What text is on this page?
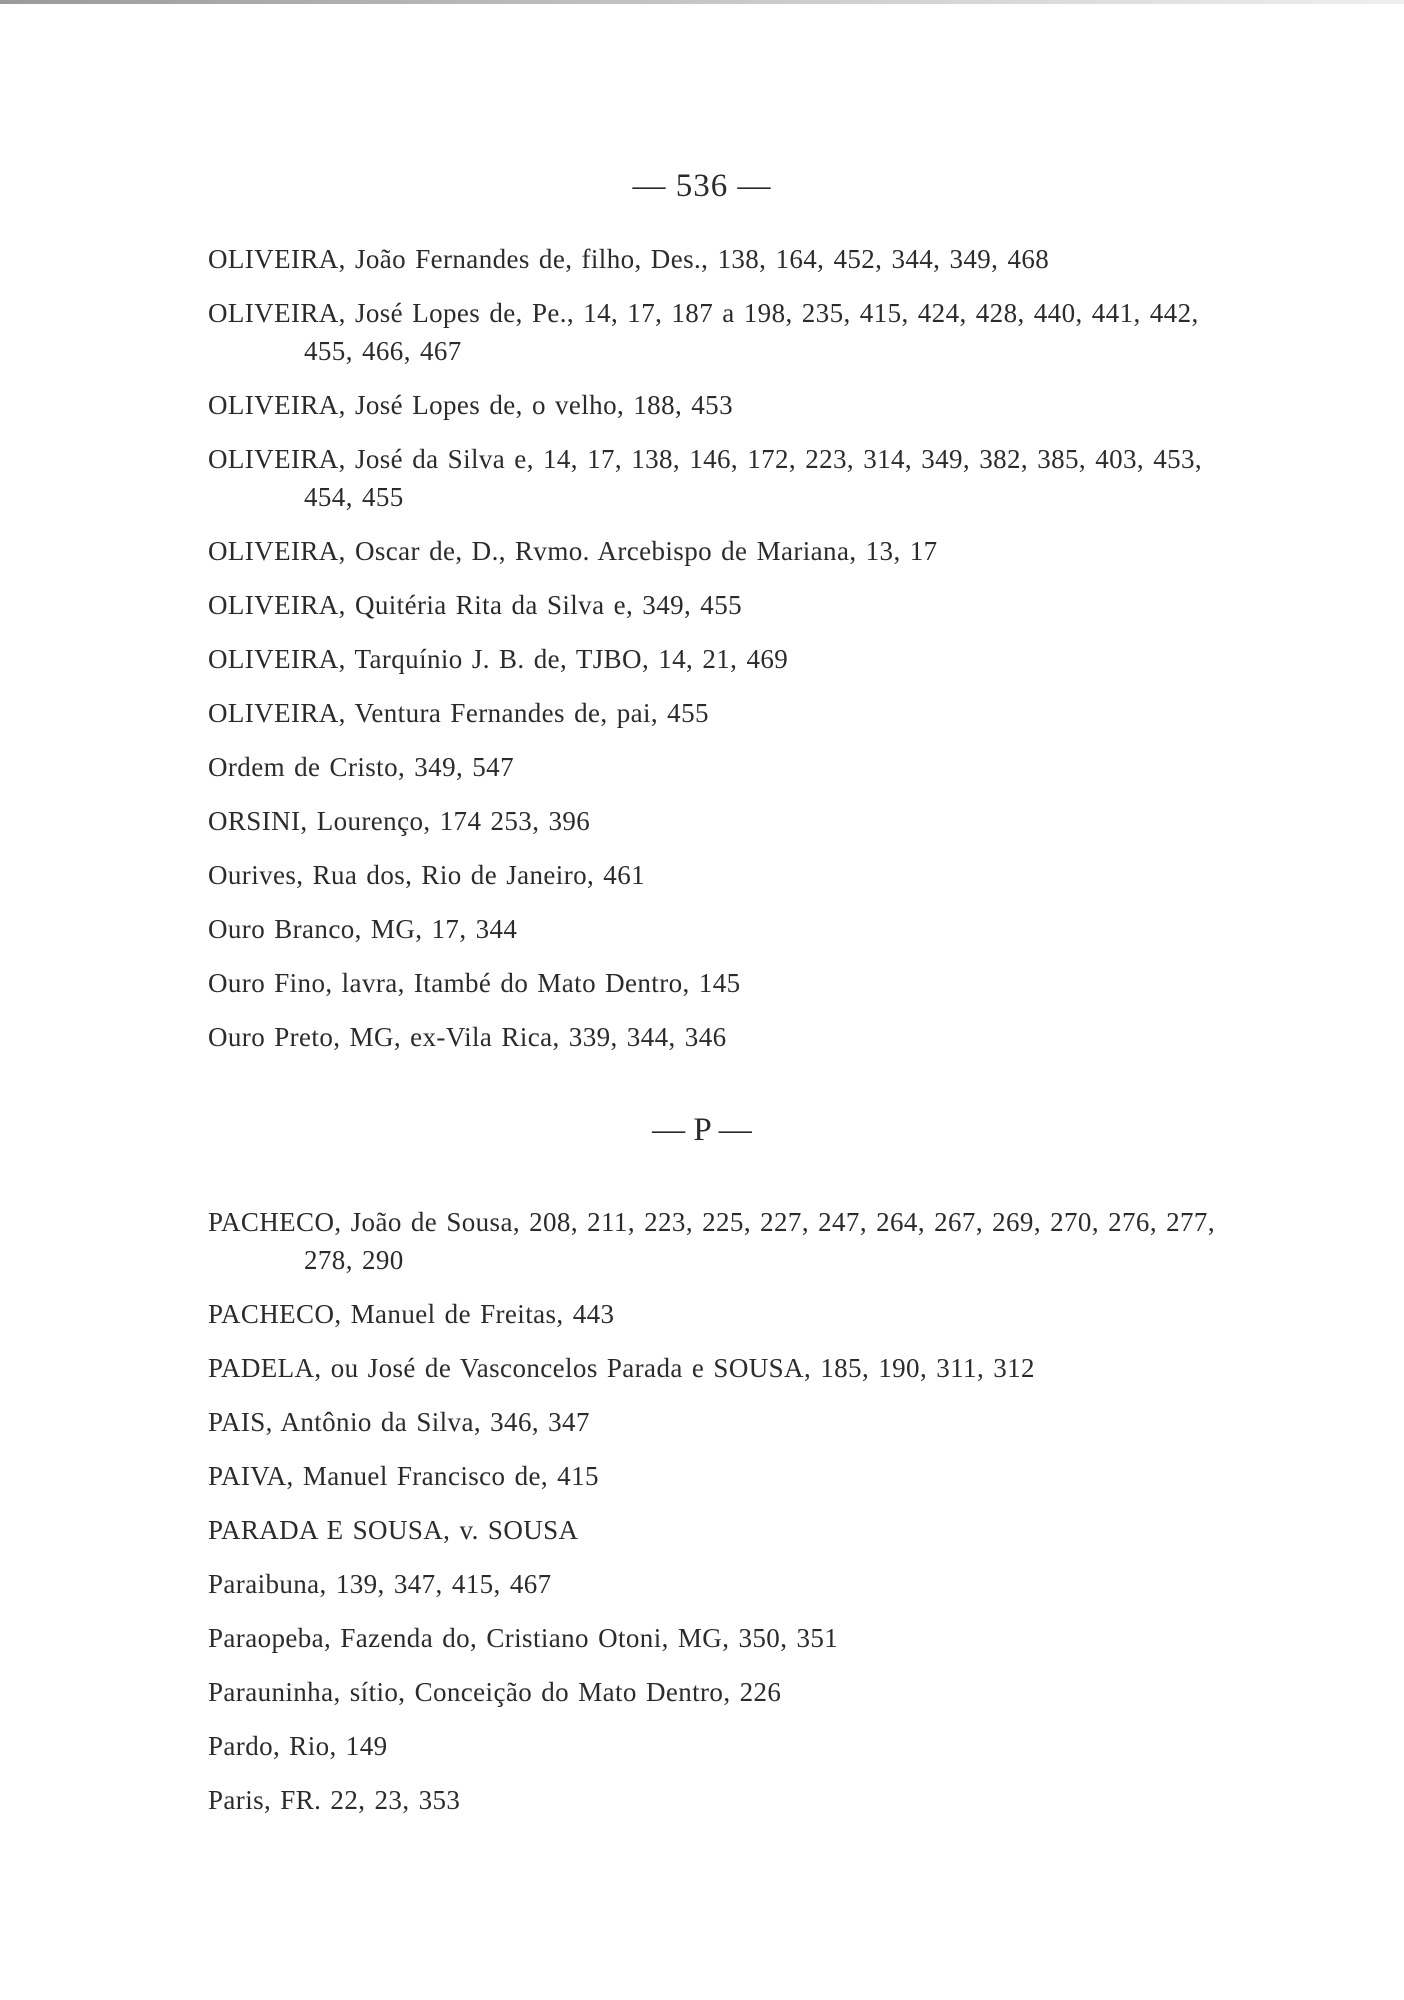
— 536 —

OLIVEIRA, João Fernandes de, filho, Des., 138, 164, 452, 344, 349, 468

OLIVEIRA, José Lopes de, Pe., 14, 17, 187 a 198, 235, 415, 424, 428, 440, 441, 442, 455, 466, 467

OLIVEIRA, José Lopes de, o velho, 188, 453

OLIVEIRA, José da Silva e, 14, 17, 138, 146, 172, 223, 314, 349, 382, 385, 403, 453, 454, 455

OLIVEIRA, Oscar de, D., Rvmo. Arcebispo de Mariana, 13, 17

OLIVEIRA, Quitéria Rita da Silva e, 349, 455

OLIVEIRA, Tarquínio J. B. de, TJBO, 14, 21, 469

OLIVEIRA, Ventura Fernandes de, pai, 455

Ordem de Cristo, 349, 547

ORSINI, Lourenço, 174 253, 396

Ourives, Rua dos, Rio de Janeiro, 461

Ouro Branco, MG, 17, 344

Ouro Fino, lavra, Itambé do Mato Dentro, 145

Ouro Preto, MG, ex-Vila Rica, 339, 344, 346

— P —

PACHECO, João de Sousa, 208, 211, 223, 225, 227, 247, 264, 267, 269, 270, 276, 277, 278, 290

PACHECO, Manuel de Freitas, 443

PADELA, ou José de Vasconcelos Parada e SOUSA, 185, 190, 311, 312

PAIS, Antônio da Silva, 346, 347

PAIVA, Manuel Francisco de, 415

PARADA E SOUSA, v. SOUSA

Paraibuna, 139, 347, 415, 467

Paraopeba, Fazenda do, Cristiano Otoni, MG, 350, 351

Parauninha, sítio, Conceição do Mato Dentro, 226

Pardo, Rio, 149

Paris, FR. 22, 23, 353
